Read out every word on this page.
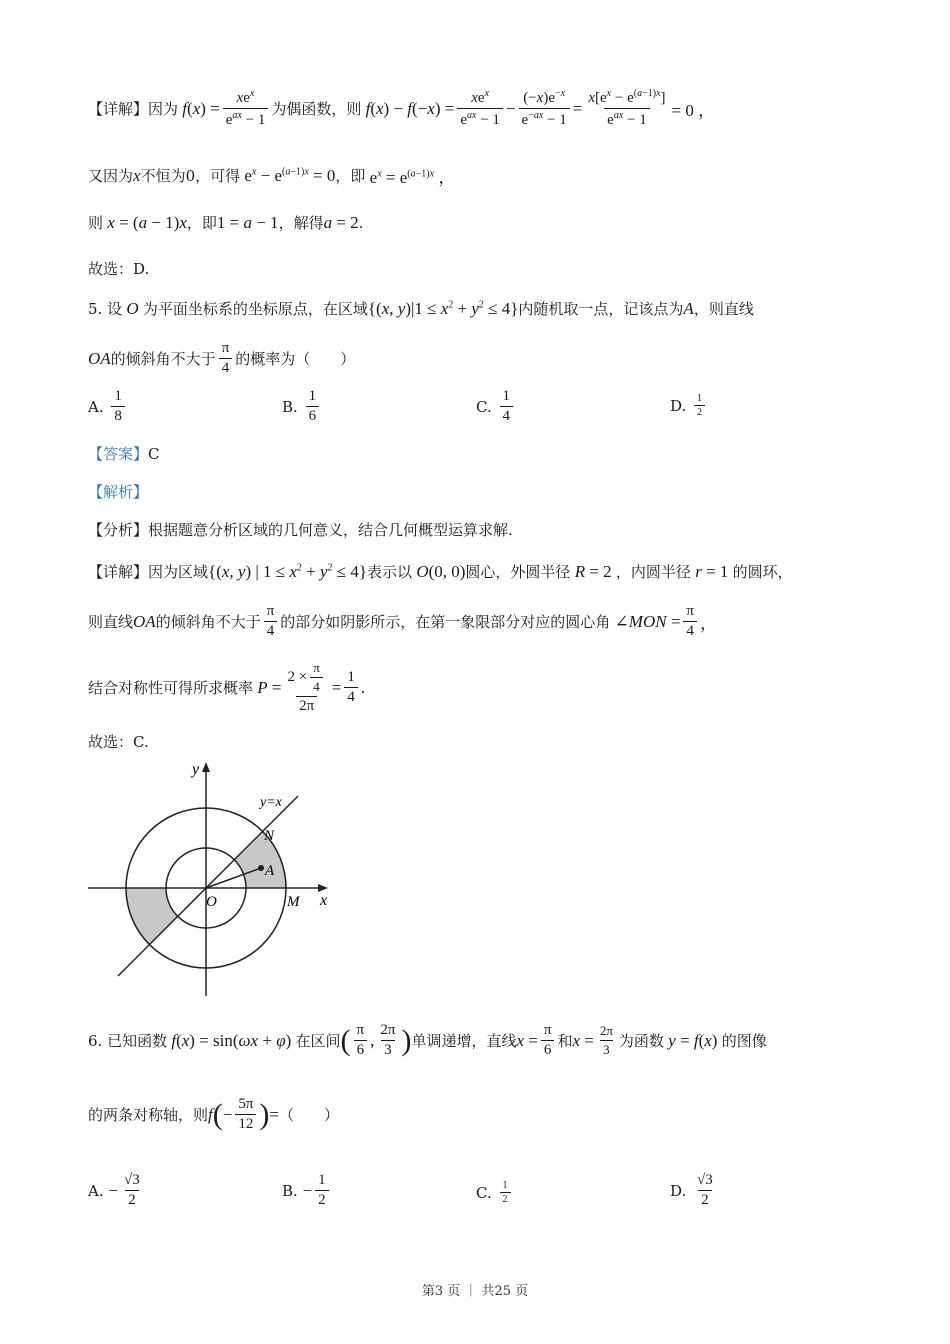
【详解】 因为 $f(x) = \frac{xe^x}{e^{ax} - 1}$ 为偶函数，则 $f(x) - f(-x) = \frac{xe^x}{e^{ax} - 1} - \frac{(-x)e^{-x}}{e^{-ax} - 1} = \frac{x[e^x - e^{(a-1)x}]}{e^{ax} - 1} = 0$ ，
又因为 x 不恒为0，可得 $e^x - e^{(a-1)x} = 0$ ，即 $e^x = e^{(a-1)x}$ ，
则 x = (a − 1)x ，即 1 = a − 1 ，解得 a = 2 .
故选：D.
5. 设 O 为平面坐标系的坐标原点，在区域 {(x, $y)|1 \le x^2 + y^2 \le 4$} 内随机取一点，记该点为 A ，则直线
OA 的倾斜角不大于 $\frac{\pi}{4}$ 的概率为（　　）
A.
$\frac{1}{8}$	B.
$\frac{1}{6}$	C.
$\frac{1}{4}$	D.
$\frac{1}{2}$
【答案】 C
【解析】
【分析】 根据题意分析区域的几何意义，结合几何概型运算求解.
【详解】 因为区域 {(x, y) | $1 \le x^2 + y^2 \le 4$} 表示以 O(0, 0) 圆心，外圆半径 R = 2 ，内圆半径 r = 1 的圆环，
则直线 OA 的倾斜角不大于 $\frac{\pi}{4}$ 的部分如阴影所示，在第一象限部分对应的圆心角 ∠MON = $\frac{\pi}{4}$ ，
结合对称性可得所求概率 $P = \frac{2 \times \frac{\pi}{4}}{2\pi} = \frac{1}{4}$ .
故选：C.
y
x
y=x
N
A
O	M
6. 已知函数 f(x) = sin(ωx + φ) 在区间 ( $\frac{\pi}{6}$ , $\frac{2\pi}{3}$ ) 单调递增，直线 $x = \frac{\pi}{6}$ 和 $x = \frac{2\pi}{3}$ 为函数 y = f(x) 的图像
的两条对称轴，则 f ( − $\frac{5\pi}{12}$ ) = （　　）
A.
− $\frac{√3}{2}$	B.
− $\frac{1}{2}$	C.
$\frac{1}{2}$	D.
$\frac{√3}{2}$
第3 页 ｜ 共25 页
